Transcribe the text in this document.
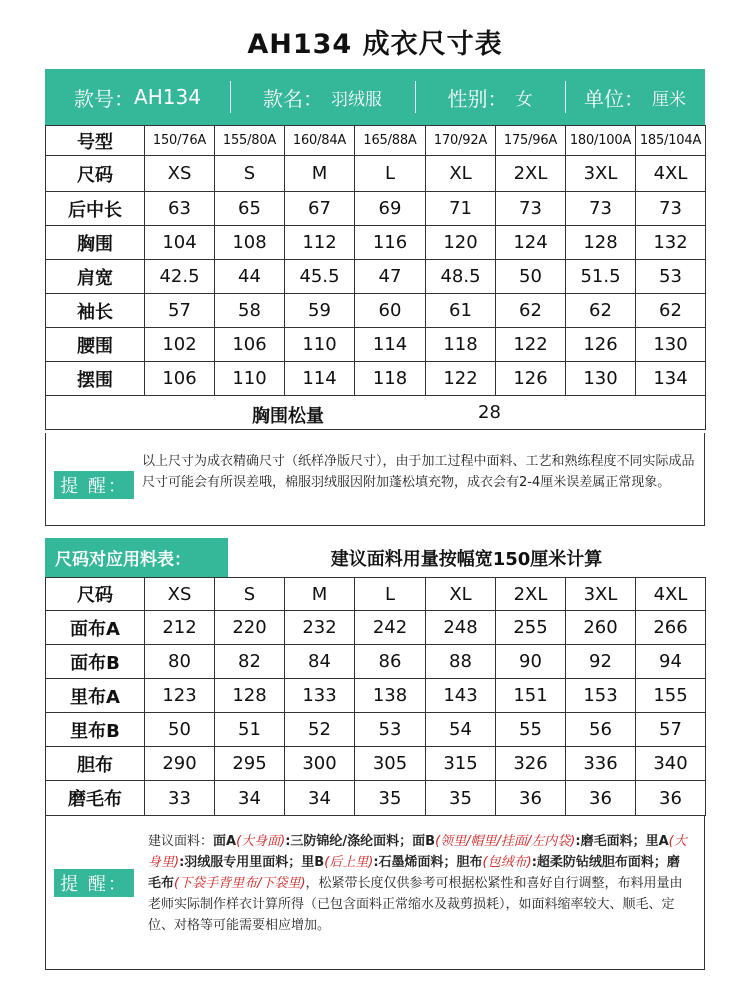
AH134 成衣尺寸表
款号： AH134	款名： 羽绒服	性别： 女	单位： 厘米
号型	150/76A	155/80A	160/84A	165/88A	170/92A	175/96A	180/100A	185/104A
尺码	XS	S	M	L	XL	2XL	3XL	4XL
后中长	63	65	67	69	71	73	73	73
胸围	104	108	112	116	120	124	128	132
肩宽	42.5	44	45.5	47	48.5	50	51.5	53
袖长	57	58	59	60	61	62	62	62
腰围	102	106	110	114	118	122	126	130
摆围	106	110	114	118	122	126	130	134

胸围松量 28								
提 醒：
以上尺寸为成衣精确尺寸（纸样净版尺寸），由于加工过程中面料、工艺和熟练程度不同实际成品尺寸可能会有所误差哦，棉服羽绒服因附加蓬松填充物，成衣会有2-4厘米误差属正常现象。
尺码对应用料表：	建议面料用量按幅宽150厘米计算
尺码	XS	S	M	L	XL	2XL	3XL	4XL
面布A	212	220	232	242	248	255	260	266
面布B	80	82	84	86	88	90	92	94
里布A	123	128	133	138	143	151	153	155
里布B	50	51	52	53	54	55	56	57
胆布	290	295	300	305	315	326	336	340
磨毛布	33	34	34	35	35	36	36	36
提 醒：
建议面料：面A(大身面):三防锦纶/涤纶面料；面B(领里/帽里/挂面/左内袋):磨毛面料；里A(大身里):羽绒服专用里面料；里B(后上里):石墨烯面料；胆布(包绒布):超柔防钻绒胆布面料；磨毛布(下袋手背里布/下袋里)，松紧带长度仅供参考可根据松紧性和喜好自行调整，布料用量由老师实际制作样衣计算所得（已包含面料正常缩水及裁剪损耗），如面料缩率较大、顺毛、定位、对格等可能需要相应增加。
